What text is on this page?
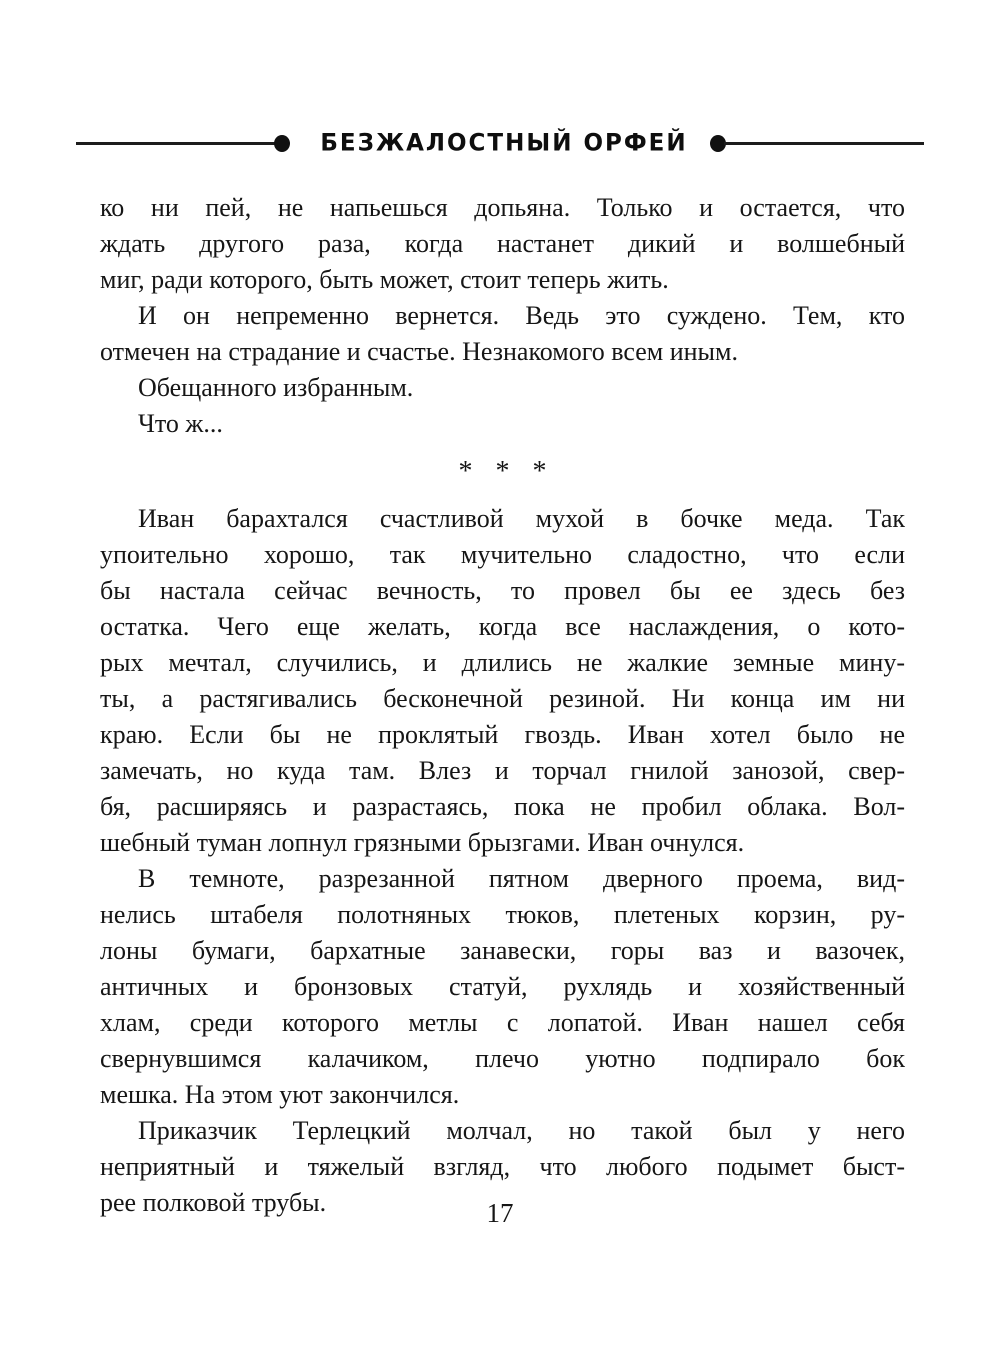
БЕЗЖАЛОСТНЫЙ ОРФЕЙ
ко ни пей, не напьешься допьяна. Только и остается, что
ждать другого раза, когда настанет дикий и волшебный
миг, ради которого, быть может, стоит теперь жить.
И он непременно вернется. Ведь это суждено. Тем, кто
отмечен на страдание и счастье. Незнакомого всем иным.
Обещанного избранным.
Что ж...
* * *
Иван барахтался счастливой мухой в бочке меда. Так
упоительно хорошо, так мучительно сладостно, что если
бы настала сейчас вечность, то провел бы ее здесь без
остатка. Чего еще желать, когда все наслаждения, о кото-
рых мечтал, случились, и длились не жалкие земные мину-
ты, а растягивались бесконечной резиной. Ни конца им ни
краю. Если бы не проклятый гвоздь. Иван хотел было не
замечать, но куда там. Влез и торчал гнилой занозой, свер-
бя, расширяясь и разрастаясь, пока не пробил облака. Вол-
шебный туман лопнул грязными брызгами. Иван очнулся.
В темноте, разрезанной пятном дверного проема, вид-
нелись штабеля полотняных тюков, плетеных корзин, ру-
лоны бумаги, бархатные занавески, горы ваз и вазочек,
античных и бронзовых статуй, рухлядь и хозяйственный
хлам, среди которого метлы с лопатой. Иван нашел себя
свернувшимся калачиком, плечо уютно подпирало бок
мешка. На этом уют закончился.
Приказчик Терлецкий молчал, но такой был у него
неприятный и тяжелый взгляд, что любого подымет быст-
рее полковой трубы.	17
